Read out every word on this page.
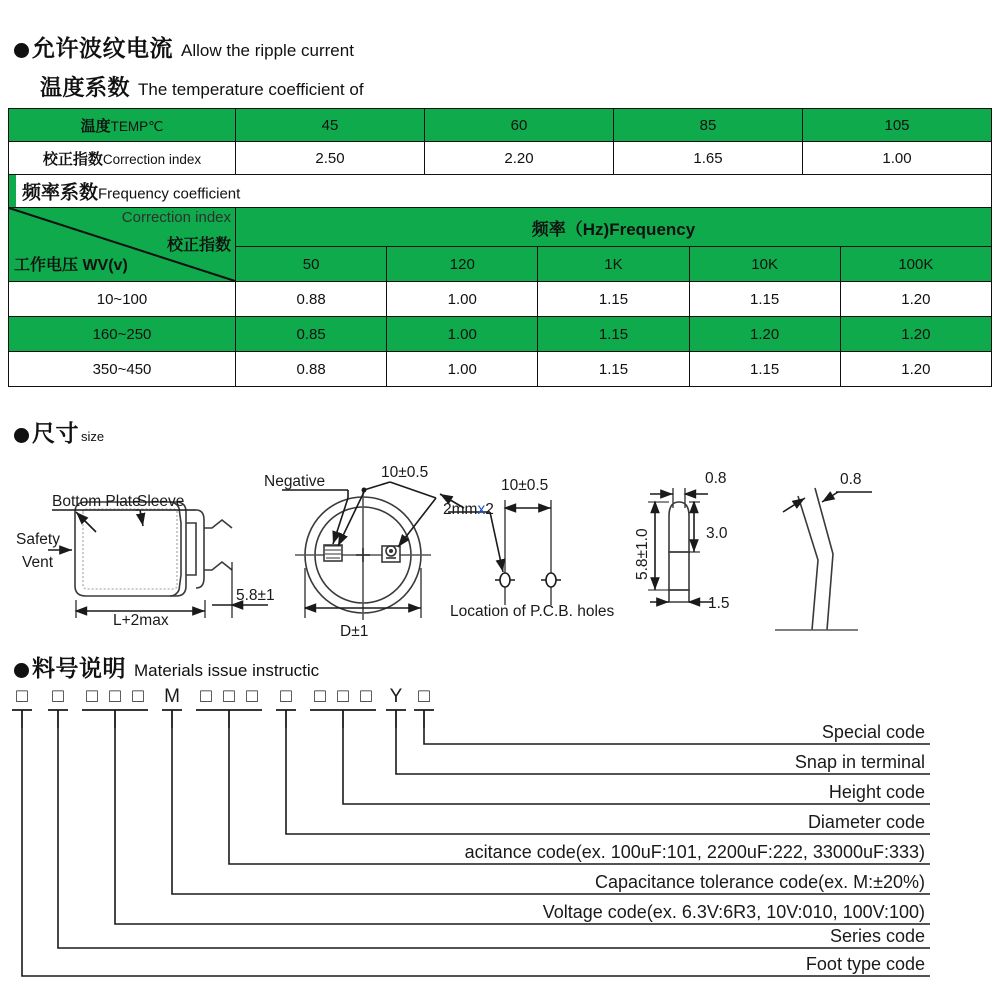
允许波纹电流 Allow the ripple current
温度系数 The temperature coefficient of
温度TEMP℃	45	60	85	105
校正指数Correction index	2.50	2.20	1.65	1.00
频率系数Frequency coefficient
Correction index
校正指数
工作电压 WV(v)	频率（Hz)Frequency				
	50	120	1K	10K	100K
10~100	0.88	1.00	1.15	1.15	1.20
160~250	0.85	1.00	1.15	1.20	1.20
350~450	0.88	1.00	1.15	1.15	1.20
尺寸 size
Bottom Plate
Sleeve
Safety
Vent
L+2max
5.8±1
Negative
10±0.5
D±1
2mmx2
10±0.5
Location of P.C.B. holes
0.8
3.0
5.8±1.0
1.5
0.8
料号说明 Materials issue instructic
□ □ □ □ □ M □ □ □ □ □ □ □ Y □
Special code
Snap in terminal
Height code
Diameter code
acitance code(ex. 100uF:101, 2200uF:222, 33000uF:333)
Capacitance tolerance code(ex. M:±20%)
Voltage code(ex. 6.3V:6R3, 10V:010, 100V:100)
Series code
Foot type code
